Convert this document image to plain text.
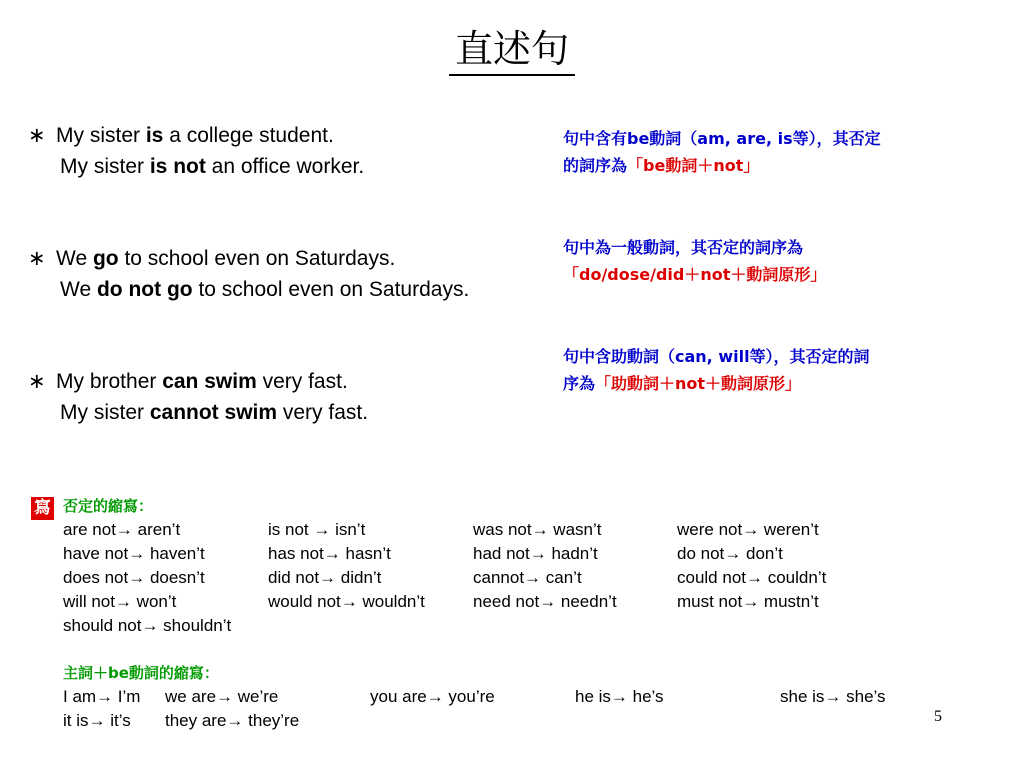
直述句
∗ My sister is a college student.
My sister is not an office worker.
∗ We go to school even on Saturdays.
We do not go to school even on Saturdays.
∗ My brother can swim very fast.
My sister cannot swim very fast.
句中含有be動詞（am, are, is等），其否定
的詞序為「be動詞＋not」
句中為一般動詞，其否定的詞序為
「do/dose/did＋not＋動詞原形」
句中含助動詞（can, will等），其否定的詞
序為「助動詞＋not＋動詞原形」
寫 否定的縮寫：
are not→ aren’t	is not → isn’t	was not→ wasn’t	were not→ weren’t
have not→ haven’t	has not→ hasn’t	had not→ hadn’t	do not→ don’t
does not→ doesn’t	did not→ didn’t	cannot→ can’t	could not→ couldn’t
will not→ won’t	would not→ wouldn’t	need not→ needn’t	must not→ mustn’t
should not→ shouldn’t
主詞＋be動詞的縮寫：
I am→ I’m we are→ we’re	you are→ you’re	he is→ he’s	she is→ she’s
it is→ it’s they are→ they’re	5
